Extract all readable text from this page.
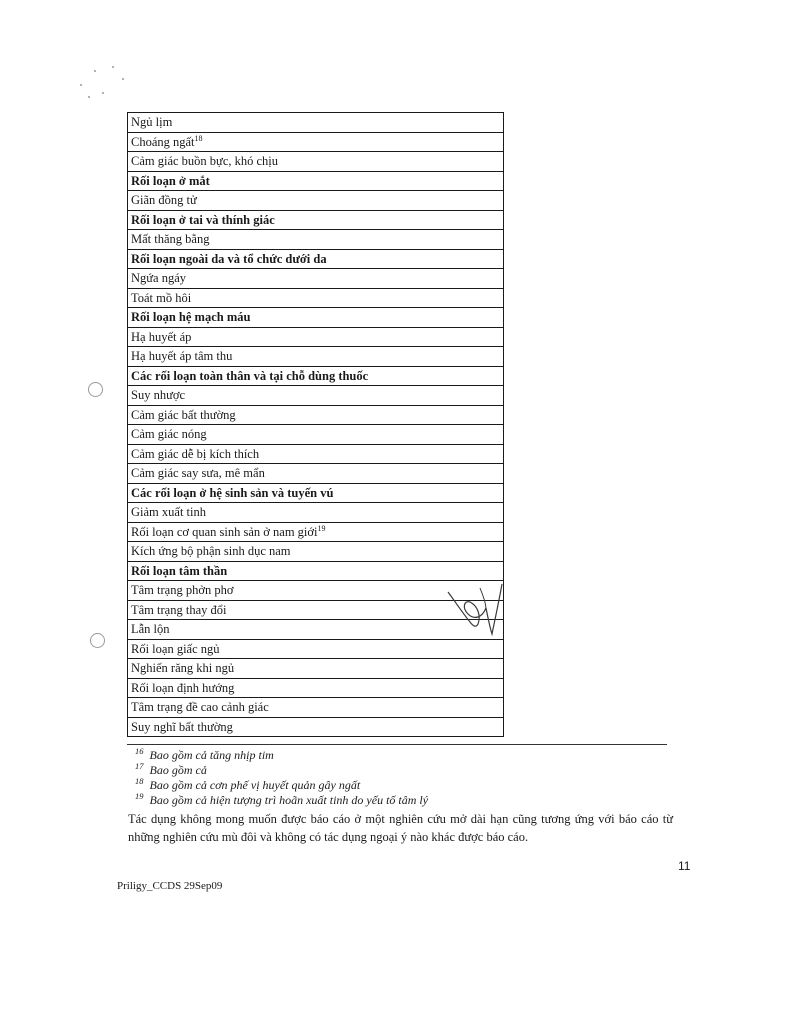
Ngủ lịm
Choáng ngất$^{18}$
Cảm giác buồn bực, khó chịu
Rối loạn ở mắt
Giãn đồng tử
Rối loạn ở tai và thính giác
Mất thăng bằng
Rối loạn ngoài da và tổ chức dưới da
Ngứa ngáy
Toát mồ hôi
Rối loạn hệ mạch máu
Hạ huyết áp
Hạ huyết áp tâm thu
Các rối loạn toàn thân và tại chỗ dùng thuốc
Suy nhược
Cảm giác bất thường
Cảm giác nóng
Cảm giác dễ bị kích thích
Cảm giác say sưa, mê mẩn
Các rối loạn ở hệ sinh sản và tuyến vú
Giảm xuất tinh
Rối loạn cơ quan sinh sản ở nam giới$^{19}$
Kích ứng bộ phận sinh dục nam
Rối loạn tâm thần
Tâm trạng phởn phơ
Tâm trạng thay đổi
Lẫn lộn
Rối loạn giấc ngủ
Nghiến răng khi ngủ
Rối loạn định hướng
Tâm trạng đề cao cảnh giác
Suy nghĩ bất thường
$^{16}$ Bao gồm cả tăng nhịp tim
$^{17}$ Bao gồm cả
$^{18}$ Bao gồm cả cơn phế vị huyết quản gây ngất
$^{19}$ Bao gồm cả hiện tượng trì hoãn xuất tinh do yếu tố tâm lý
Tác dụng không mong muốn được báo cáo ở một nghiên cứu mở dài hạn cũng tương ứng với báo cáo từ những nghiên cứu mù đôi và không có tác dụng ngoại ý nào khác được báo cáo.
11
Priligy_CCDS 29Sep09
